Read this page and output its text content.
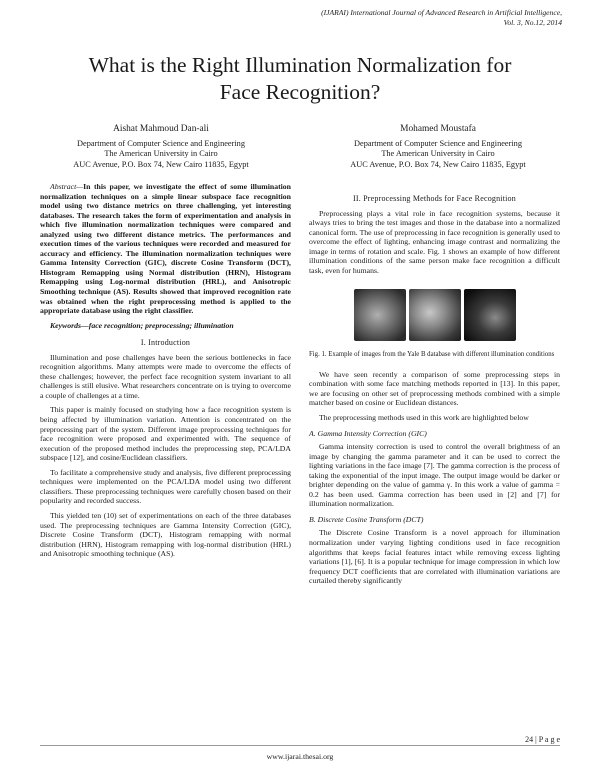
(IJARAI) International Journal of Advanced Research in Artificial Intelligence,
Vol. 3, No.12, 2014
What is the Right Illumination Normalization for
Face Recognition?
Aishat Mahmoud Dan-ali
Department of Computer Science and Engineering
The American University in Cairo
AUC Avenue, P.O. Box 74, New Cairo 11835, Egypt
Mohamed Moustafa
Department of Computer Science and Engineering
The American University in Cairo
AUC Avenue, P.O. Box 74, New Cairo 11835, Egypt

Abstract—In this paper, we investigate the effect of some illumination normalization techniques on a simple linear subspace face recognition model using two distance metrics on three challenging, yet interesting databases. The research takes the form of experimentation and analysis in which five illumination normalization techniques were compared and analyzed using two different distance metrics. The performances and execution times of the various techniques were recorded and measured for accuracy and efficiency. The illumination normalization techniques were Gamma Intensity Correction (GIC), discrete Cosine Transform (DCT), Histogram Remapping using Normal distribution (HRN), Histogram Remapping using Log-normal distribution (HRL), and Anisotropic Smoothing technique (AS). Results showed that improved recognition rate was obtained when the right preprocessing method is applied to the appropriate database using the right classifier.

Keywords—face recognition; preprocessing; illumination

I. Introduction

Illumination and pose challenges have been the serious bottlenecks in face recognition algorithms. Many attempts were made to overcome the effects of these challenges; however, the perfect face recognition system invariant to all challenges is still elusive. What researchers concentrate on is trying to overcome a couple of challenges at a time.

This paper is mainly focused on studying how a face recognition system is being affected by illumination variation. Attention is concentrated on the preprocessing part of the system. Different image preprocessing techniques for face recognition were proposed and experimented with. The sequence of execution of the proposed method includes the preprocessing step, PCA/LDA subspace [12], and cosine/Euclidean classifiers.

To facilitate a comprehensive study and analysis, five different preprocessing techniques were implemented on the PCA/LDA model using two different classifiers. These preprocessing techniques were carefully chosen based on their popularity and recorded success.

This yielded ten (10) set of experimentations on each of the three databases used. The preprocessing techniques are Gamma Intensity Correction (GIC), Discrete Cosine Transform (DCT), Histogram remapping with normal distribution (HRN), Histogram remapping with log-normal distribution (HRL) and Anisotropic smoothing technique (AS).

II. Preprocessing Methods for Face Recognition

Preprocessing plays a vital role in face recognition systems, because it always tries to bring the test images and those in the database into a normalized canonical form. The use of preprocessing in face recognition is generally used to overcome the effect of lighting, enhancing image contrast and normalizing the image in terms of rotation and scale. Fig. 1 shows an example of how different illumination conditions of the same person make face recognition a difficult task, even for humans.

Fig. 1. Example of images from the Yale B database with different illumination conditions

We have seen recently a comparison of some preprocessing steps in combination with some face matching methods reported in [13]. In this paper, we are focusing on other set of preprocessing methods combined with a simple matcher based on cosine or Euclidean distances.

The preprocessing methods used in this work are highlighted below

A. Gamma Intensity Correction (GIC)

Gamma intensity correction is used to control the overall brightness of an image by changing the gamma parameter and it can be used to correct the lighting variations in the face image [7]. The gamma correction is the process of taking the exponential of the input image. The output image would be darker or brighter depending on the value of gamma γ. In this work a value of gamma = 0.2 has been used. Gamma correction has been used in [2] and [7] for illumination normalization.

B. Discrete Cosine Transform (DCT)

The Discrete Cosine Transform is a novel approach for illumination normalization under varying lighting conditions used in face recognition algorithms that keeps facial features intact while removing excess lighting variations [1], [6]. It is a popular technique for image compression in which low frequency DCT coefficients that are correlated with illumination variations are curtailed thereby significantly

24 | P a g e
www.ijarai.thesai.org
